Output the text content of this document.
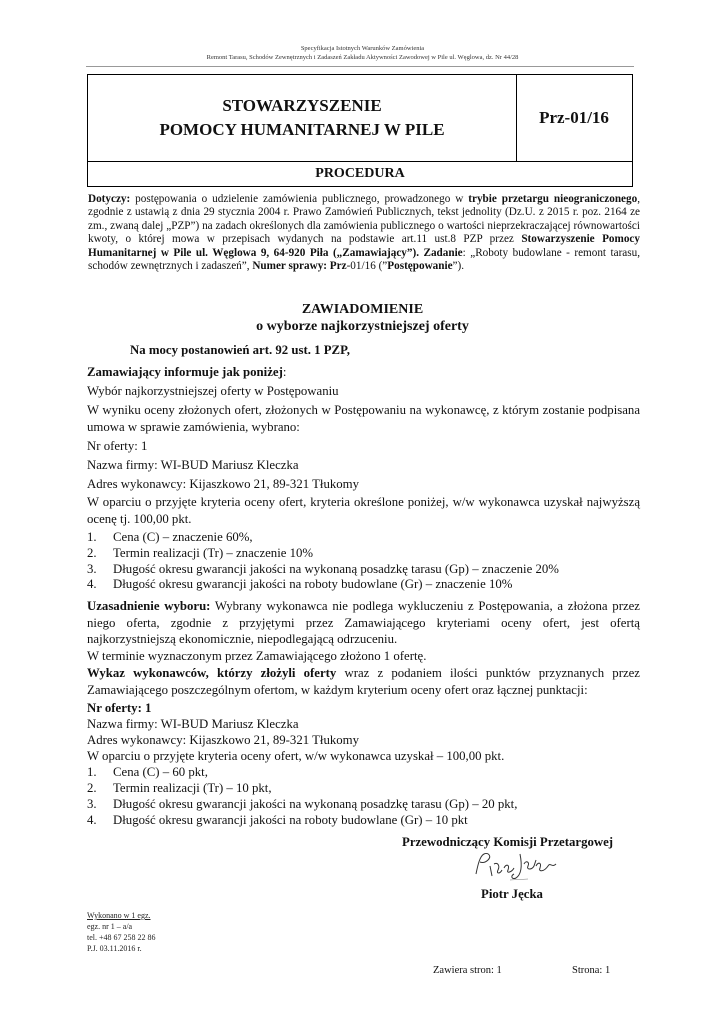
Specyfikacja Istotnych Warunków Zamówienia
Remont Tarasu, Schodów Zewnętrznych i Zadaszeń Zakładu Aktywności Zawodowej w Pile ul. Węglowa, dz. Nr 44/28
STOWARZYSZENIE
POMOCY HUMANITARNEJ W PILE
Prz-01/16
PROCEDURA
Dotyczy: postępowania o udzielenie zamówienia publicznego, prowadzonego w trybie przetargu nieograniczonego, zgodnie z ustawią z dnia 29 stycznia 2004 r. Prawo Zamówień Publicznych, tekst jednolity (Dz.U. z 2015 r. poz. 2164 ze zm., zwaną dalej „PZP”) na zadach określonych dla zamówienia publicznego o wartości nieprzekraczającej równowartości kwoty, o której mowa w przepisach wydanych na podstawie art.11 ust.8 PZP przez Stowarzyszenie Pomocy Humanitarnej w Pile ul. Węglowa 9, 64-920 Piła („Zamawiający”). Zadanie: „Roboty budowlane - remont tarasu, schodów zewnętrznych i zadaszeń”, Numer sprawy: Prz-01/16 (”Postępowanie”).
ZAWIADOMIENIE
o wyborze najkorzystniejszej oferty
Na mocy postanowień art. 92 ust. 1 PZP,
Zamawiający informuje jak poniżej:
Wybór najkorzystniejszej oferty w Postępowaniu
W wyniku oceny złożonych ofert, złożonych w Postępowaniu na wykonawcę, z którym zostanie podpisana umowa w sprawie zamówienia, wybrano:
Nr oferty: 1
Nazwa firmy: WI-BUD Mariusz Kleczka
Adres wykonawcy: Kijaszkowo 21, 89-321 Tłukomy
W oparciu o przyjęte kryteria oceny ofert, kryteria określone poniżej, w/w wykonawca uzyskał najwyższą ocenę tj. 100,00 pkt.
1. Cena (C) – znaczenie 60%,
2. Termin realizacji (Tr) – znaczenie 10%
3. Długość okresu gwarancji jakości na wykonaną posadzkę tarasu (Gp) – znaczenie 20%
4. Długość okresu gwarancji jakości na roboty budowlane (Gr) – znaczenie 10%
Uzasadnienie wyboru: Wybrany wykonawca nie podlega wykluczeniu z Postępowania, a złożona przez niego oferta, zgodnie z przyjętymi przez Zamawiającego kryteriami oceny ofert, jest ofertą najkorzystniejszą ekonomicznie, niepodlegającą odrzuceniu.
W terminie wyznaczonym przez Zamawiającego złożono 1 ofertę.
Wykaz wykonawców, którzy złożyli oferty wraz z podaniem ilości punktów przyznanych przez Zamawiającego poszczególnym ofertom, w każdym kryterium oceny ofert oraz łącznej punktacji:
Nr oferty: 1
Nazwa firmy: WI-BUD Mariusz Kleczka
Adres wykonawcy: Kijaszkowo 21, 89-321 Tłukomy
W oparciu o przyjęte kryteria oceny ofert, w/w wykonawca uzyskał – 100,00 pkt.
1. Cena (C) – 60 pkt,
2. Termin realizacji (Tr) – 10 pkt,
3. Długość okresu gwarancji jakości na wykonaną posadzkę tarasu (Gp) – 20 pkt,
4. Długość okresu gwarancji jakości na roboty budowlane (Gr) – 10 pkt
Przewodniczący Komisji Przetargowej
Piotr Jęcka
Wykonano w 1 egz.
egz. nr 1 – a/a
tel. +48 67 258 22 86
P.J. 03.11.2016 r.
Zawiera stron: 1	Strona: 1
